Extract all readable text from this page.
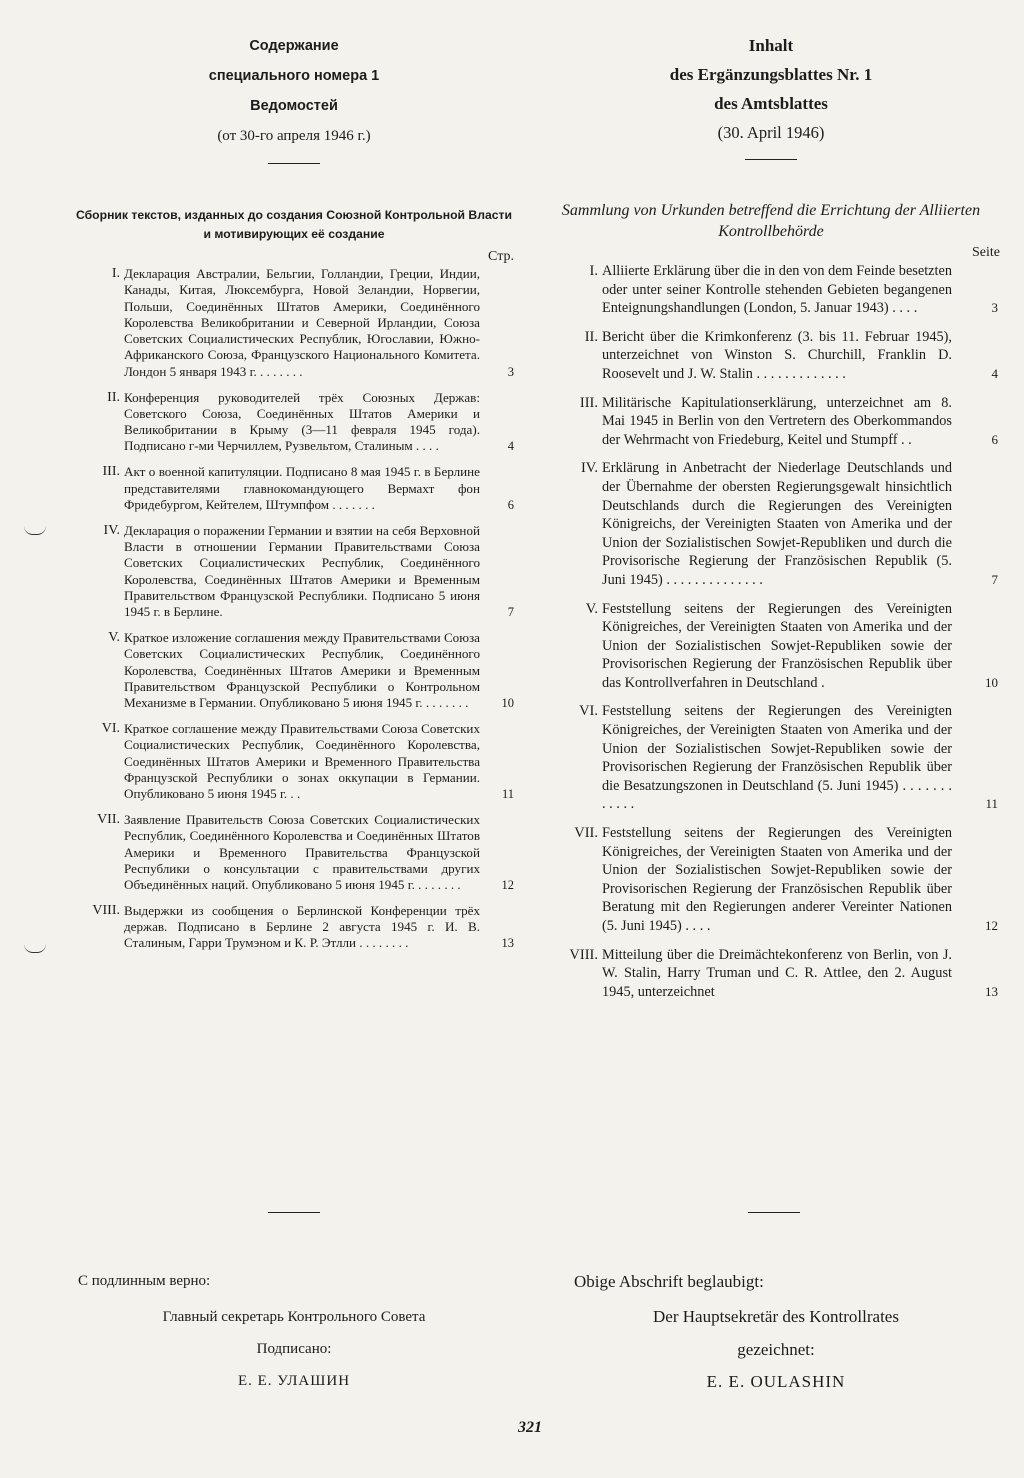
Содержание
специального номера 1
Ведомостей
(от 30-го апреля 1946 г.)
Сборник текстов, изданных до создания Союзной Контрольной Власти и мотивирующих её создание
Стр.
I. Декларация Австралии, Бельгии, Голландии, Греции, Индии, Канады, Китая, Люксембурга, Новой Зеландии, Норвегии, Польши, Соединённых Штатов Америки, Соединённого Королевства Великобритании и Северной Ирландии, Союза Советских Социалистических Республик, Югославии, Южно-Африканского Союза, Французского Национального Комитета. Лондон 5 января 1943 г. . . . . . . .	3
II. Конференция руководителей трёх Союзных Держав: Советского Союза, Соединённых Штатов Америки и Великобритании в Крыму (3—11 февраля 1945 года). Подписано г-ми Черчиллем, Рузвельтом, Сталиным . . . .	4
III. Акт о военной капитуляции. Подписано 8 мая 1945 г. в Берлине представителями главнокомандующего Вермахт фон Фридебургом, Кейтелем, Штумпфом . . . . . . .	6
IV. Декларация о поражении Германии и взятии на себя Верховной Власти в отношении Германии Правительствами Союза Советских Социалистических Республик, Соединённого Королевства, Соединённых Штатов Америки и Временным Правительством Французской Республики. Подписано 5 июня 1945 г. в Берлине.	7
V. Краткое изложение соглашения между Правительствами Союза Советских Социалистических Республик, Соединённого Королевства, Соединённых Штатов Америки и Временным Правительством Французской Республики о Контрольном Механизме в Германии. Опубликовано 5 июня 1945 г. . . . . . . .	10
VI. Краткое соглашение между Правительствами Союза Советских Социалистических Республик, Соединённого Королевства, Соединённых Штатов Америки и Временного Правительства Французской Республики о зонах оккупации в Германии. Опубликовано 5 июня 1945 г. . .	11
VII. Заявление Правительств Союза Советских Социалистических Республик, Соединённого Королевства и Соединённых Штатов Америки и Временного Правительства Французской Республики о консультации с правительствами других Объединённых наций. Опубликовано 5 июня 1945 г. . . . . . . .	12
VIII. Выдержки из сообщения о Берлинской Конференции трёх держав. Подписано в Берлине 2 августа 1945 г. И. В. Сталиным, Гарри Трумэном и К. Р. Этлли . . . . . . . .	13
Inhalt
des Ergänzungsblattes Nr. 1
des Amtsblattes
(30. April 1946)
Sammlung von Urkunden betreffend die Errichtung der Alliierten Kontrollbehörde
Seite
I. Alliierte Erklärung über die in den von dem Feinde besetzten oder unter seiner Kontrolle stehenden Gebieten begangenen Enteignungshandlungen (London, 5. Januar 1943) . . . .	3
II. Bericht über die Krimkonferenz (3. bis 11. Februar 1945), unterzeichnet von Winston S. Churchill, Franklin D. Roosevelt und J. W. Stalin . . . . . . . . . . . . .	4
III. Militärische Kapitulationserklärung, unterzeichnet am 8. Mai 1945 in Berlin von den Vertretern des Oberkommandos der Wehrmacht von Friedeburg, Keitel und Stumpff . .	6
IV. Erklärung in Anbetracht der Niederlage Deutschlands und der Übernahme der obersten Regierungsgewalt hinsichtlich Deutschlands durch die Regierungen des Vereinigten Königreichs, der Vereinigten Staaten von Amerika und der Union der Sozialistischen Sowjet-Republiken und durch die Provisorische Regierung der Französischen Republik (5. Juni 1945) . . . . . . . . . . . . . .	7
V. Feststellung seitens der Regierungen des Vereinigten Königreiches, der Vereinigten Staaten von Amerika und der Union der Sozialistischen Sowjet-Republiken sowie der Provisorischen Regierung der Französischen Republik über das Kontrollverfahren in Deutschland .	10
VI. Feststellung seitens der Regierungen des Vereinigten Königreiches, der Vereinigten Staaten von Amerika und der Union der Sozialistischen Sowjet-Republiken sowie der Provisorischen Regierung der Französischen Republik über die Besatzungszonen in Deutschland (5. Juni 1945) . . . . . . . . . . . .	11
VII. Feststellung seitens der Regierungen des Vereinigten Königreiches, der Vereinigten Staaten von Amerika und der Union der Sozialistischen Sowjet-Republiken sowie der Provisorischen Regierung der Französischen Republik über Beratung mit den Regierungen anderer Vereinter Nationen (5. Juni 1945) . . . .	12
VIII. Mitteilung über die Dreimächtekonferenz von Berlin, von J. W. Stalin, Harry Truman und C. R. Attlee, den 2. August 1945, unterzeichnet	13
С подлинным верно:
Главный секретарь Контрольного Совета
Подписано:
Е. Е. УЛАШИН
Obige Abschrift beglaubigt:
Der Hauptsekretär des Kontrollrates
gezeichnet:
E. E. OULASHIN
321
